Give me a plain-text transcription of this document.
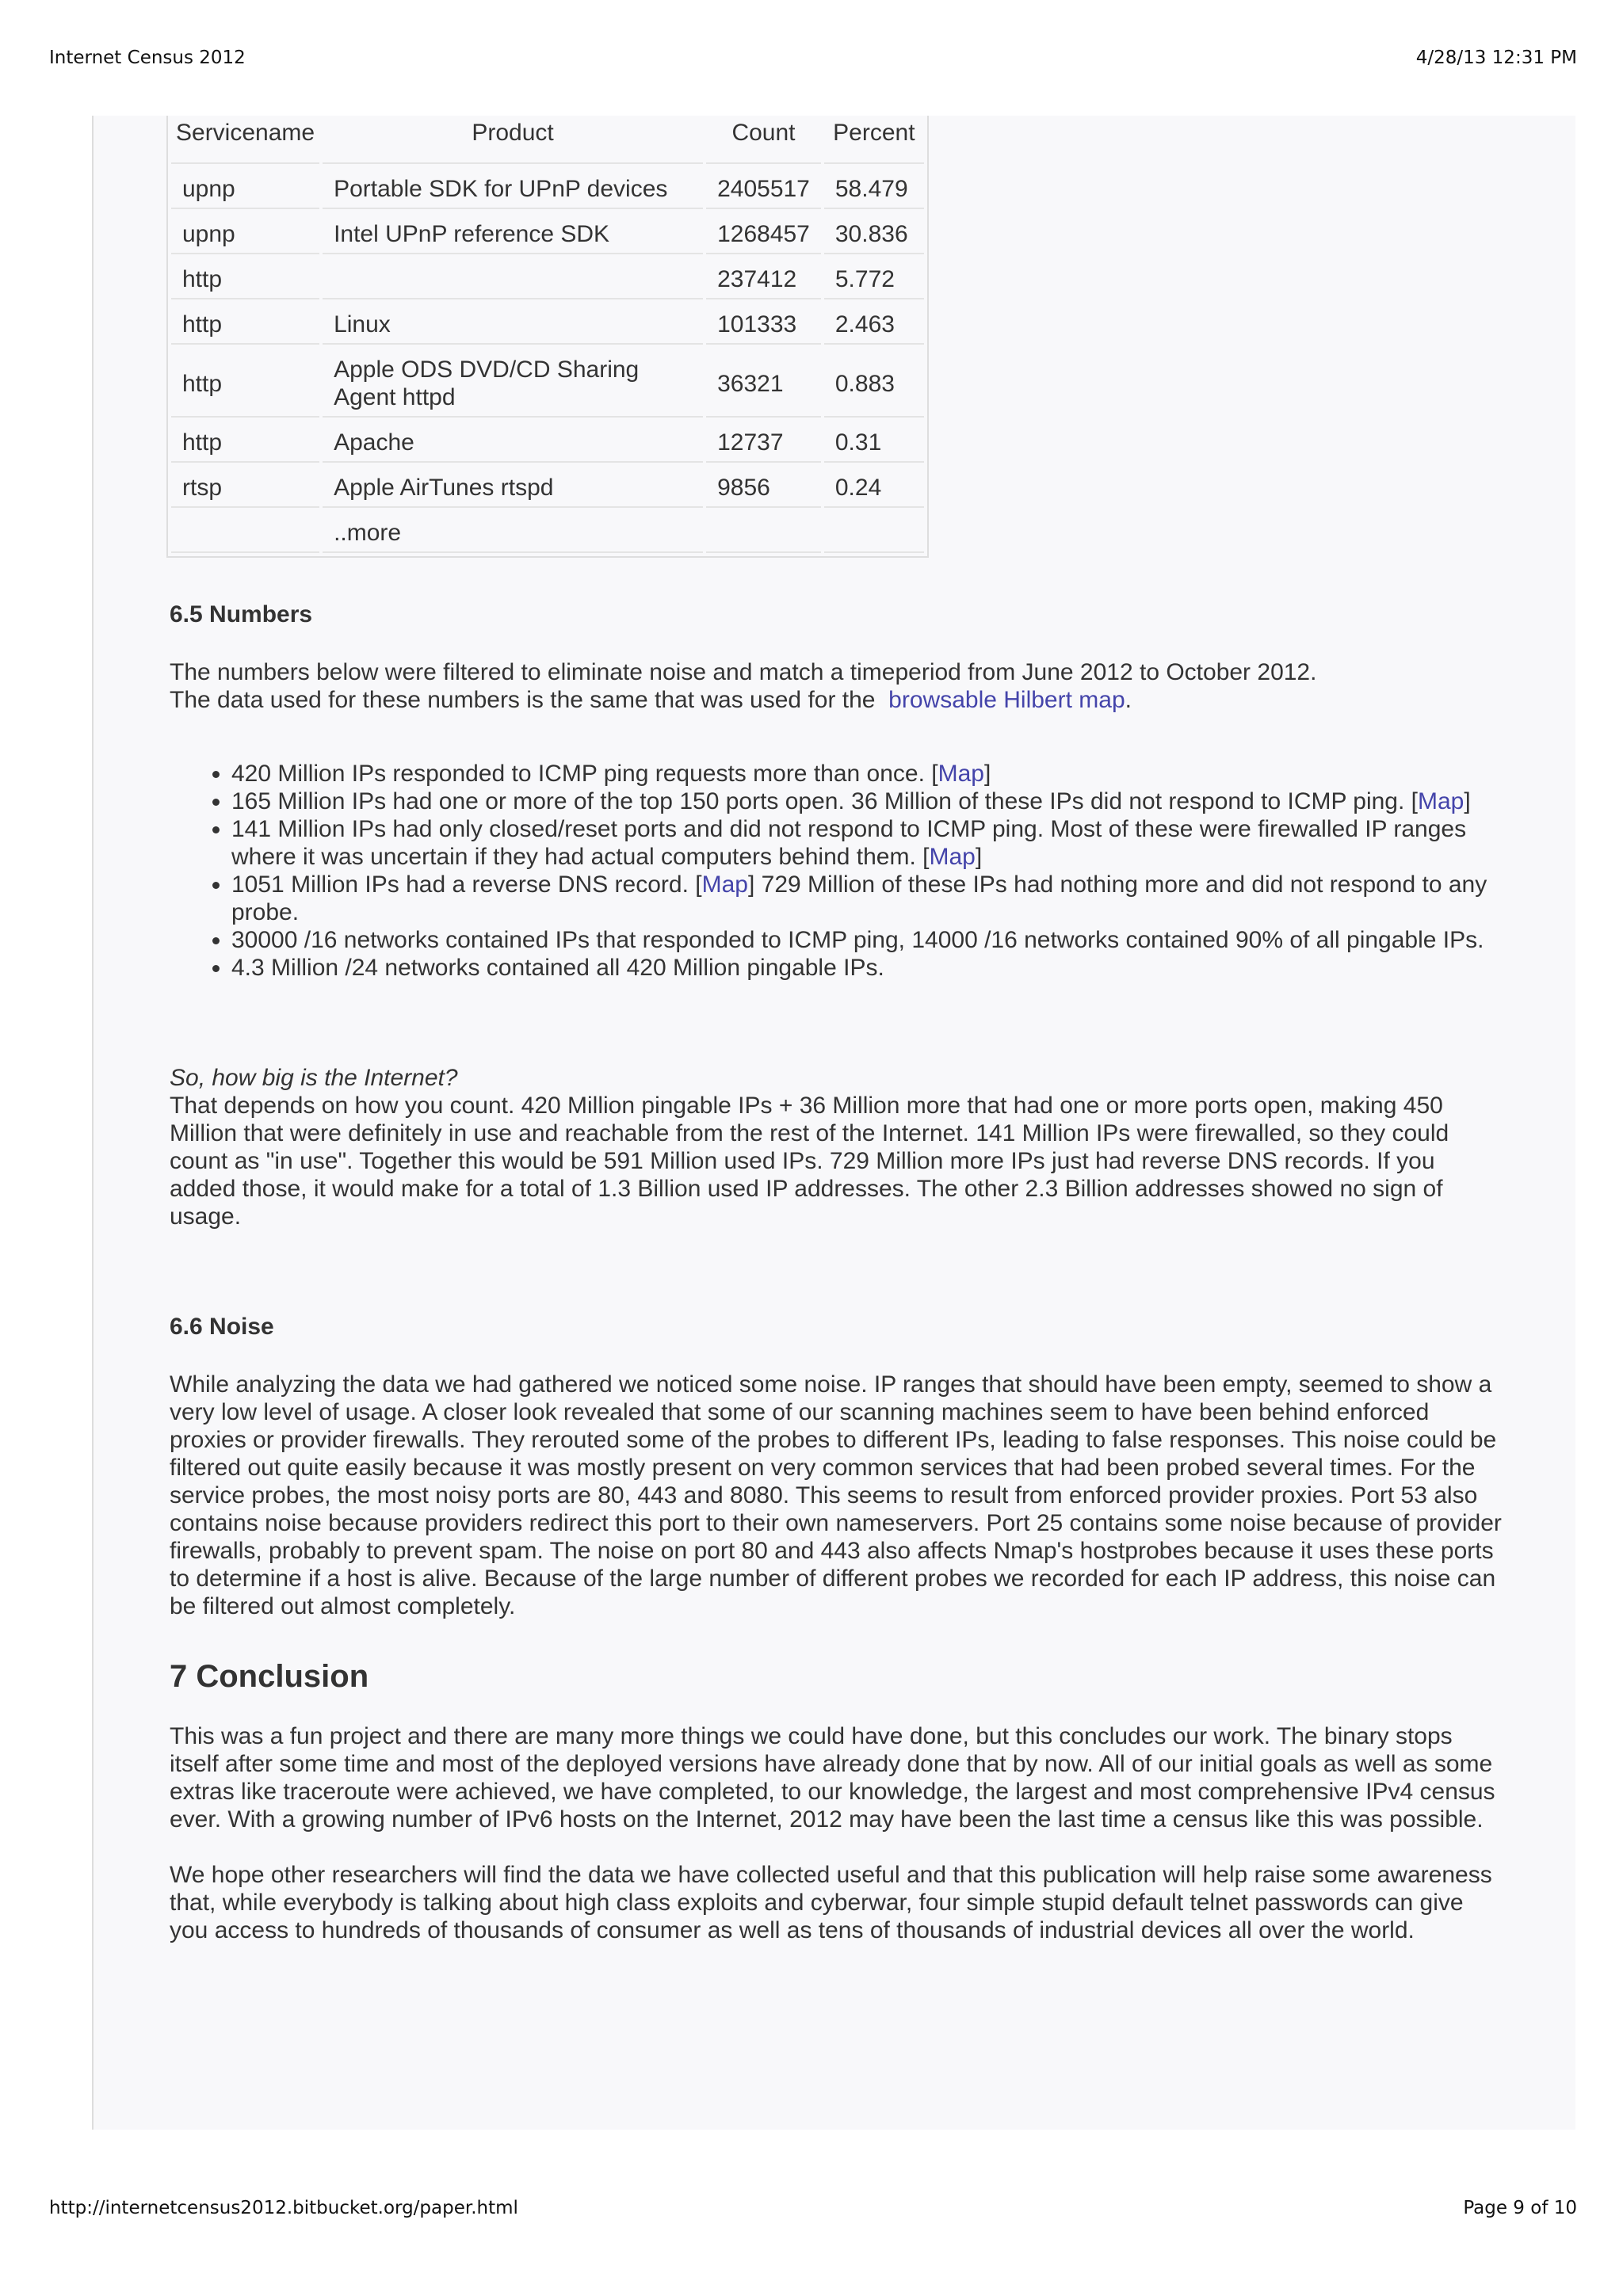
Internet Census 2012	4/28/13 12:31 PM
Servicename	Product	Count	Percent
upnp	Portable SDK for UPnP devices	2405517	58.479
upnp	Intel UPnP reference SDK	1268457	30.836
http		237412	5.772
http	Linux	101333	2.463
http	Apple ODS DVD/CD Sharing Agent httpd	36321	0.883
http	Apache	12737	0.31
rtsp	Apple AirTunes rtspd	9856	0.24
	..more		
6.5 Numbers

The numbers below were filtered to eliminate noise and match a timeperiod from June 2012 to October 2012.
The data used for these numbers is the same that was used for the browsable Hilbert map.

• 420 Million IPs responded to ICMP ping requests more than once. [Map]
• 165 Million IPs had one or more of the top 150 ports open. 36 Million of these IPs did not respond to ICMP ping. [Map]
• 141 Million IPs had only closed/reset ports and did not respond to ICMP ping. Most of these were firewalled IP ranges where it was uncertain if they had actual computers behind them. [Map]
• 1051 Million IPs had a reverse DNS record. [Map] 729 Million of these IPs had nothing more and did not respond to any probe.
• 30000 /16 networks contained IPs that responded to ICMP ping, 14000 /16 networks contained 90% of all pingable IPs.
• 4.3 Million /24 networks contained all 420 Million pingable IPs.

So, how big is the Internet?

That depends on how you count. 420 Million pingable IPs + 36 Million more that had one or more ports open, making 450 Million that were definitely in use and reachable from the rest of the Internet. 141 Million IPs were firewalled, so they could count as "in use". Together this would be 591 Million used IPs. 729 Million more IPs just had reverse DNS records. If you added those, it would make for a total of 1.3 Billion used IP addresses. The other 2.3 Billion addresses showed no sign of usage.

6.6 Noise

While analyzing the data we had gathered we noticed some noise. IP ranges that should have been empty, seemed to show a very low level of usage. A closer look revealed that some of our scanning machines seem to have been behind enforced proxies or provider firewalls. They rerouted some of the probes to different IPs, leading to false responses. This noise could be filtered out quite easily because it was mostly present on very common services that had been probed several times. For the service probes, the most noisy ports are 80, 443 and 8080. This seems to result from enforced provider proxies. Port 53 also contains noise because providers redirect this port to their own nameservers. Port 25 contains some noise because of provider firewalls, probably to prevent spam. The noise on port 80 and 443 also affects Nmap's hostprobes because it uses these ports to determine if a host is alive. Because of the large number of different probes we recorded for each IP address, this noise can be filtered out almost completely.

7 Conclusion

This was a fun project and there are many more things we could have done, but this concludes our work. The binary stops itself after some time and most of the deployed versions have already done that by now. All of our initial goals as well as some extras like traceroute were achieved, we have completed, to our knowledge, the largest and most comprehensive IPv4 census ever. With a growing number of IPv6 hosts on the Internet, 2012 may have been the last time a census like this was possible.

We hope other researchers will find the data we have collected useful and that this publication will help raise some awareness that, while everybody is talking about high class exploits and cyberwar, four simple stupid default telnet passwords can give you access to hundreds of thousands of consumer as well as tens of thousands of industrial devices all over the world.

http://internetcensus2012.bitbucket.org/paper.html	Page 9 of 10
